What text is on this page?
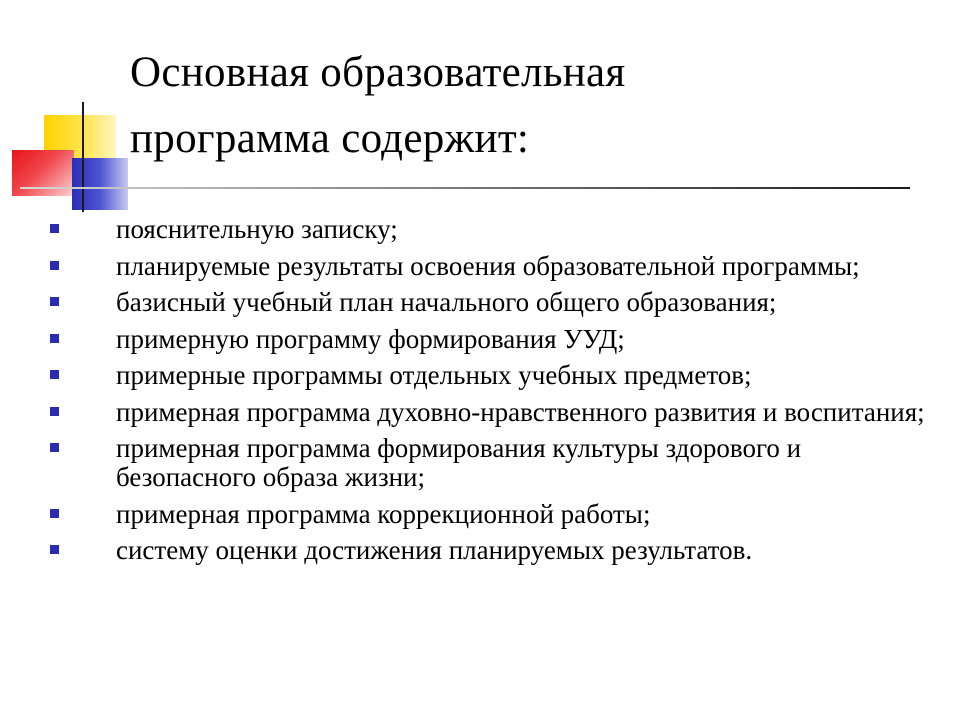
Основная образовательная
программа содержит:
пояснительную записку;
планируемые результаты освоения образовательной программы;
базисный учебный план начального общего образования;
примерную программу формирования УУД;
примерные программы отдельных учебных предметов;
примерная программа духовно-нравственного развития и воспитания;
примерная программа формирования культуры здорового и безопасного образа жизни;
примерная программа коррекционной работы;
систему оценки достижения планируемых результатов.
